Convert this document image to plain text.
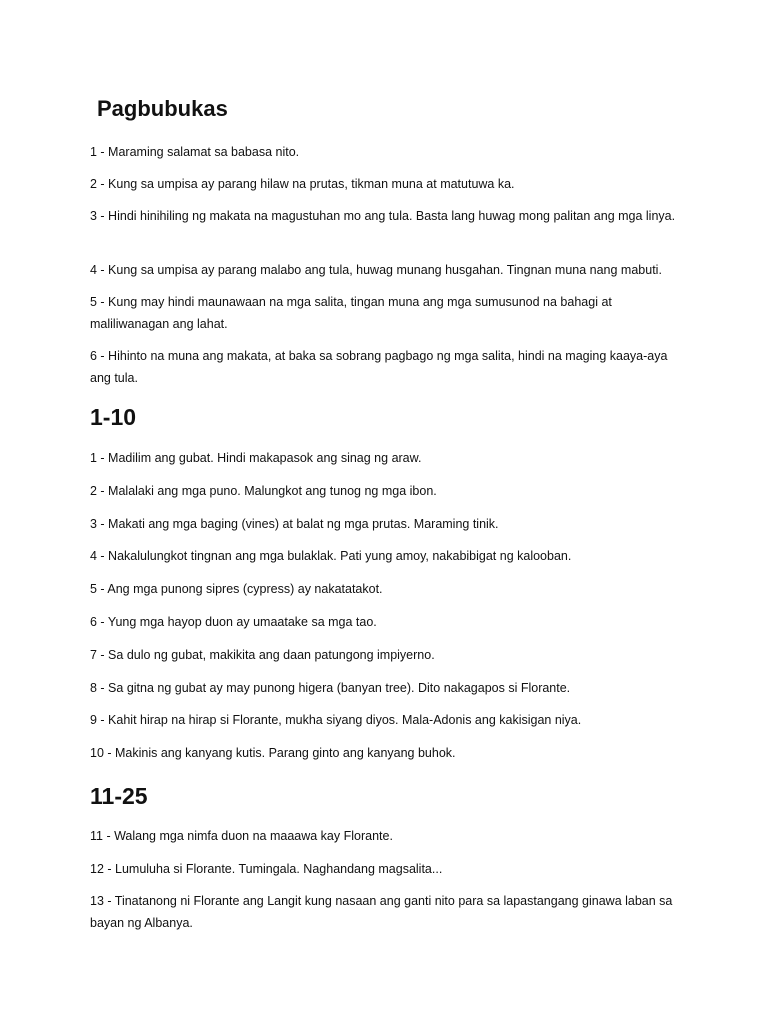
Pagbubukas
1 - Maraming salamat sa babasa nito.
2 - Kung sa umpisa ay parang hilaw na prutas, tikman muna at matutuwa ka.
3 - Hindi hinihiling ng makata na magustuhan mo ang tula. Basta lang huwag mong palitan ang mga linya.
4 - Kung sa umpisa ay parang malabo ang tula, huwag munang husgahan. Tingnan muna nang mabuti.
5 - Kung may hindi maunawaan na mga salita, tingan muna ang mga sumusunod na bahagi at maliliwanagan ang lahat.
6 - Hihinto na muna ang makata, at baka sa sobrang pagbago ng mga salita, hindi na maging kaaya-aya ang tula.
1-10
1 - Madilim ang gubat. Hindi makapasok ang sinag ng araw.
2 - Malalaki ang mga puno. Malungkot ang tunog ng mga ibon.
3 - Makati ang mga baging (vines) at balat ng mga prutas. Maraming tinik.
4 - Nakalulungkot tingnan ang mga bulaklak. Pati yung amoy, nakabibigat ng kalooban.
5 - Ang mga punong sipres (cypress) ay nakatatakot.
6 - Yung mga hayop duon ay umaatake sa mga tao.
7 - Sa dulo ng gubat, makikita ang daan patungong impiyerno.
8 - Sa gitna ng gubat ay may punong higera (banyan tree). Dito nakagapos si Florante.
9 - Kahit hirap na hirap si Florante, mukha siyang diyos. Mala-Adonis ang kakisigan niya.
10 - Makinis ang kanyang kutis. Parang ginto ang kanyang buhok.
11-25
11 - Walang mga nimfa duon na maaawa kay Florante.
12 - Lumuluha si Florante. Tumingala. Naghandang magsalita...
13 - Tinatanong ni Florante ang Langit kung nasaan ang ganti nito para sa lapastangang ginawa laban sa bayan ng Albanya.
